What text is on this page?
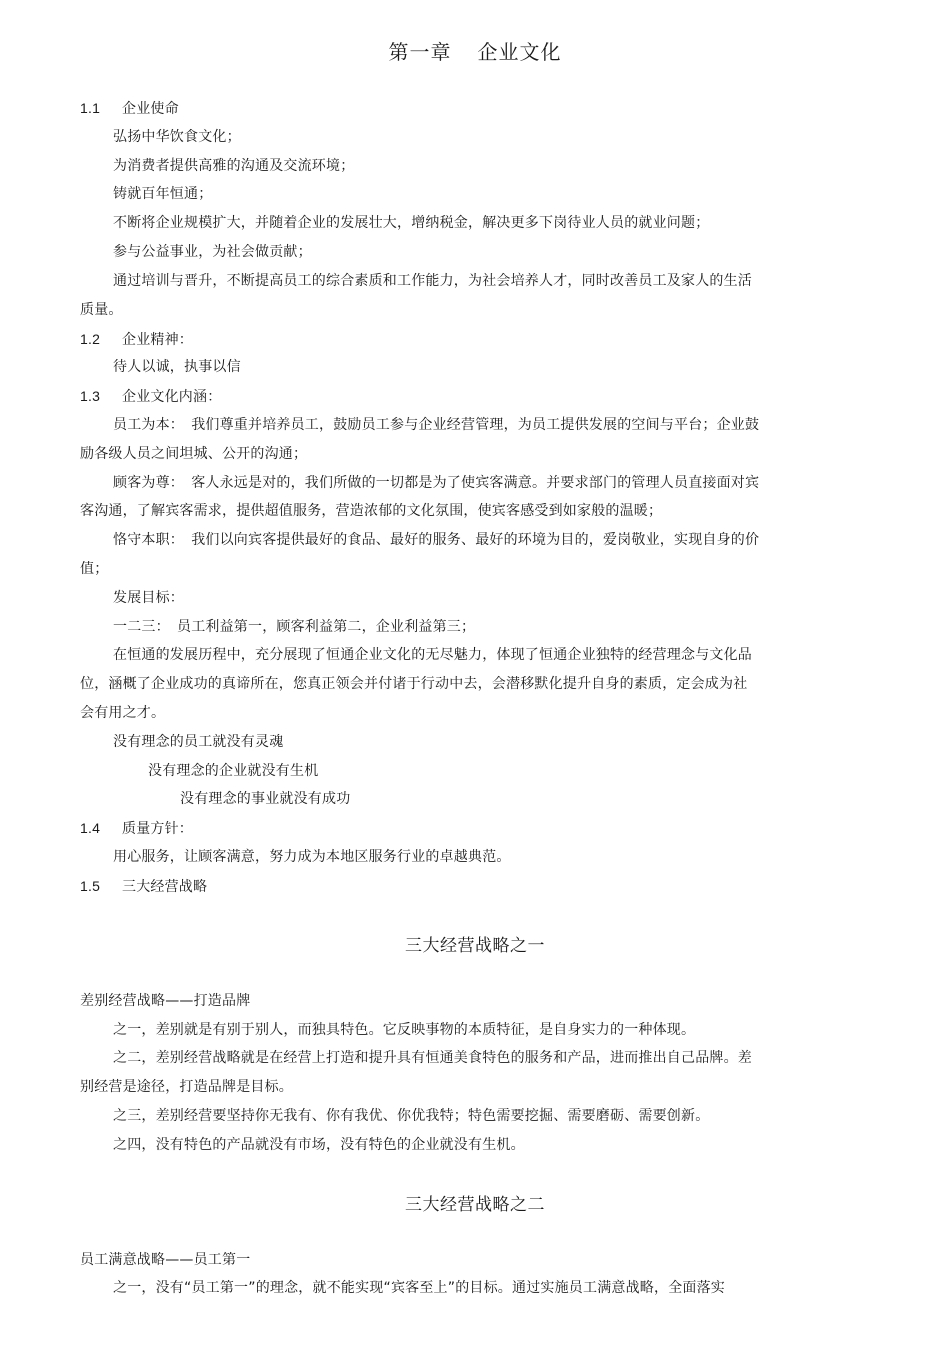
第一章 企业文化
1.1 企业使命
弘扬中华饮食文化；
为消费者提供高雅的沟通及交流环境；
铸就百年恒通；
不断将企业规模扩大，并随着企业的发展壮大，增纳税金，解决更多下岗待业人员的就业问题；
参与公益事业，为社会做贡献；
通过培训与晋升，不断提高员工的综合素质和工作能力，为社会培养人才，同时改善员工及家人的生活
质量。
1.2 企业精神：
待人以诚，执事以信
1.3 企业文化内涵：
员工为本：　我们尊重并培养员工，鼓励员工参与企业经营管理，为员工提供发展的空间与平台；企业鼓
励各级人员之间坦城、公开的沟通；
顾客为尊：　客人永远是对的，我们所做的一切都是为了使宾客满意。并要求部门的管理人员直接面对宾
客沟通，了解宾客需求，提供超值服务，营造浓郁的文化氛围，使宾客感受到如家般的温暖；
恪守本职：　我们以向宾客提供最好的食品、最好的服务、最好的环境为目的，爱岗敬业，实现自身的价
值；
发展目标：
一二三：　员工利益第一，顾客利益第二，企业利益第三；
在恒通的发展历程中，充分展现了恒通企业文化的无尽魅力，体现了恒通企业独特的经营理念与文化品
位，涵概了企业成功的真谛所在，您真正领会并付诸于行动中去，会潜移默化提升自身的素质，定会成为社
会有用之才。
没有理念的员工就没有灵魂
没有理念的企业就没有生机
没有理念的事业就没有成功
1.4 质量方针：
用心服务，让顾客满意，努力成为本地区服务行业的卓越典范。
1.5 三大经营战略
三大经营战略之一
差别经营战略——打造品牌
之一，差别就是有别于别人，而独具特色。它反映事物的本质特征，是自身实力的一种体现。
之二，差别经营战略就是在经营上打造和提升具有恒通美食特色的服务和产品，进而推出自己品牌。差
别经营是途径，打造品牌是目标。
之三，差别经营要坚持你无我有、你有我优、你优我特；特色需要挖掘、需要磨砺、需要创新。
之四，没有特色的产品就没有市场，没有特色的企业就没有生机。
三大经营战略之二
员工满意战略——员工第一
之一，没有“员工第一”的理念，就不能实现“宾客至上”的目标。通过实施员工满意战略，全面落实
